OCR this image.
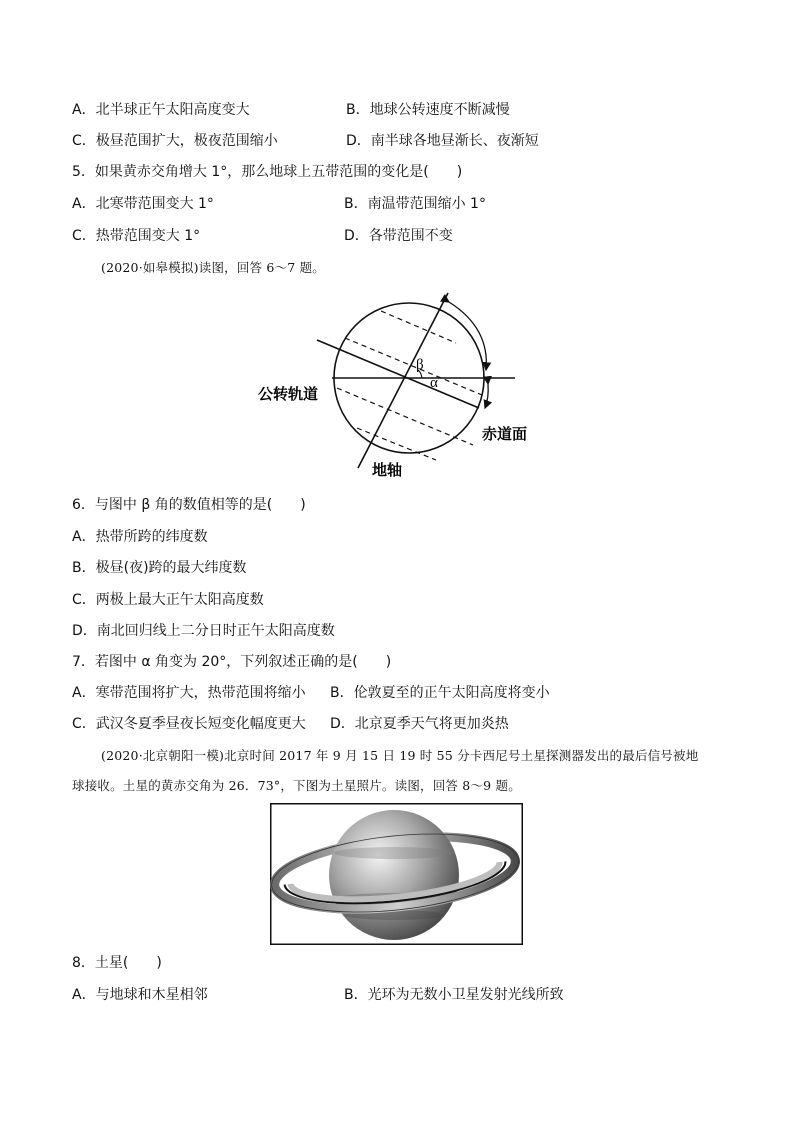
A．北半球正午太阳高度变大	B．地球公转速度不断减慢
C．极昼范围扩大，极夜范围缩小	D．南半球各地昼渐长、夜渐短
5．如果黄赤交角增大 1°，那么地球上五带范围的变化是(　　)
A．北寒带范围变大 1°	B．南温带范围缩小 1°
C．热带范围变大 1°	D．各带范围不变
(2020·如皋模拟)读图，回答 6～7 题。
β
α
公转轨道
赤道面
地轴
6．与图中 β 角的数值相等的是(　　)
A．热带所跨的纬度数
B．极昼(夜)跨的最大纬度数
C．两极上最大正午太阳高度数
D．南北回归线上二分日时正午太阳高度数
7．若图中 α 角变为 20°，下列叙述正确的是(　　)
A．寒带范围将扩大，热带范围将缩小 B．伦敦夏至的正午太阳高度将变小
C．武汉冬夏季昼夜长短变化幅度更大 D．北京夏季天气将更加炎热
(2020·北京朝阳一模)北京时间 2017 年 9 月 15 日 19 时 55 分卡西尼号土星探测器发出的最后信号被地
球接收。土星的黄赤交角为 26．73°，下图为土星照片。读图，回答 8～9 题。
8．土星(　　)
A．与地球和木星相邻	B．光环为无数小卫星发射光线所致
